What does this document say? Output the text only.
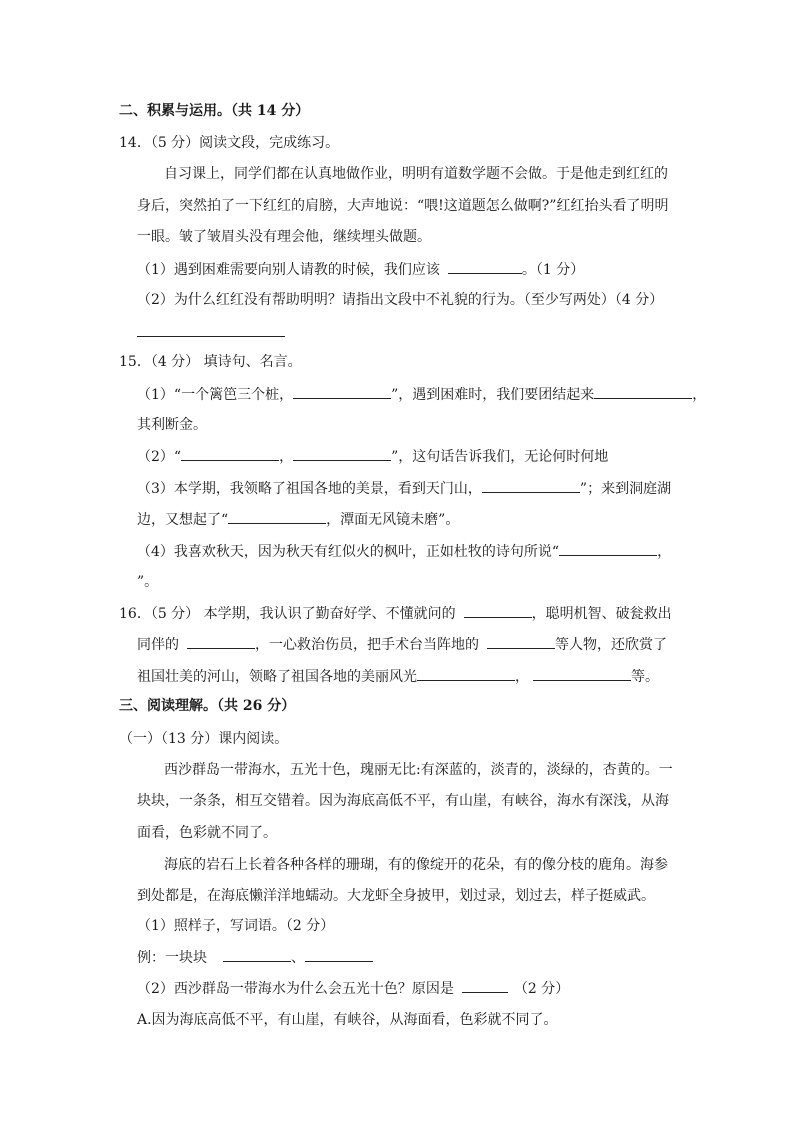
二、积累与运用。（共 14 分）
14．（5 分）阅读文段，完成练习。
自习课上，同学们都在认真地做作业，明明有道数学题不会做。于是他走到红红的
身后，突然拍了一下红红的肩膀，大声地说：“喂!这道题怎么做啊?”红红抬头看了明明
一眼。皱了皱眉头没有理会他，继续埋头做题。
（1）遇到困难需要向别人请教的时候，我们应该	。（1 分）
（2）为什么红红没有帮助明明？请指出文段中不礼貌的行为。（至少写两处）（4 分）
15．（4 分） 填诗句、名言。
（1）“一个篱笆三个桩，	”，遇到困难时，我们要团结起来	，
其利断金。
（2）“	，	”，这句话告诉我们，无论何时何地
（3）本学期，我领略了祖国各地的美景，看到天门山，	”；来到洞庭湖
边，又想起了“	，潭面无风镜未磨”。
（4）我喜欢秋天，因为秋天有红似火的枫叶，正如杜牧的诗句所说“	，
”。
16．（5 分） 本学期，我认识了勤奋好学、不懂就问的	，聪明机智、破瓮救出
同伴的	，一心救治伤员，把手术台当阵地的	等人物，还欣赏了
祖国壮美的河山，领略了祖国各地的美丽风光	，	等。
三、阅读理解。（共 26 分）
（一）（13 分）课内阅读。
西沙群岛一带海水，五光十色，瑰丽无比:有深蓝的，淡青的，淡绿的，杏黄的。一
块块，一条条，相互交错着。因为海底高低不平，有山崖，有峡谷，海水有深浅，从海
面看，色彩就不同了。
海底的岩石上长着各种各样的珊瑚，有的像绽开的花朵，有的像分枝的鹿角。海参
到处都是，在海底懒洋洋地蠕动。大龙虾全身披甲，划过录，划过去，样子挺威武。
（1）照样子，写词语。（2 分）
例：一块块	、
（2）西沙群岛一带海水为什么会五光十色？原因是	（2 分）
A.因为海底高低不平，有山崖，有峡谷，从海面看，色彩就不同了。
